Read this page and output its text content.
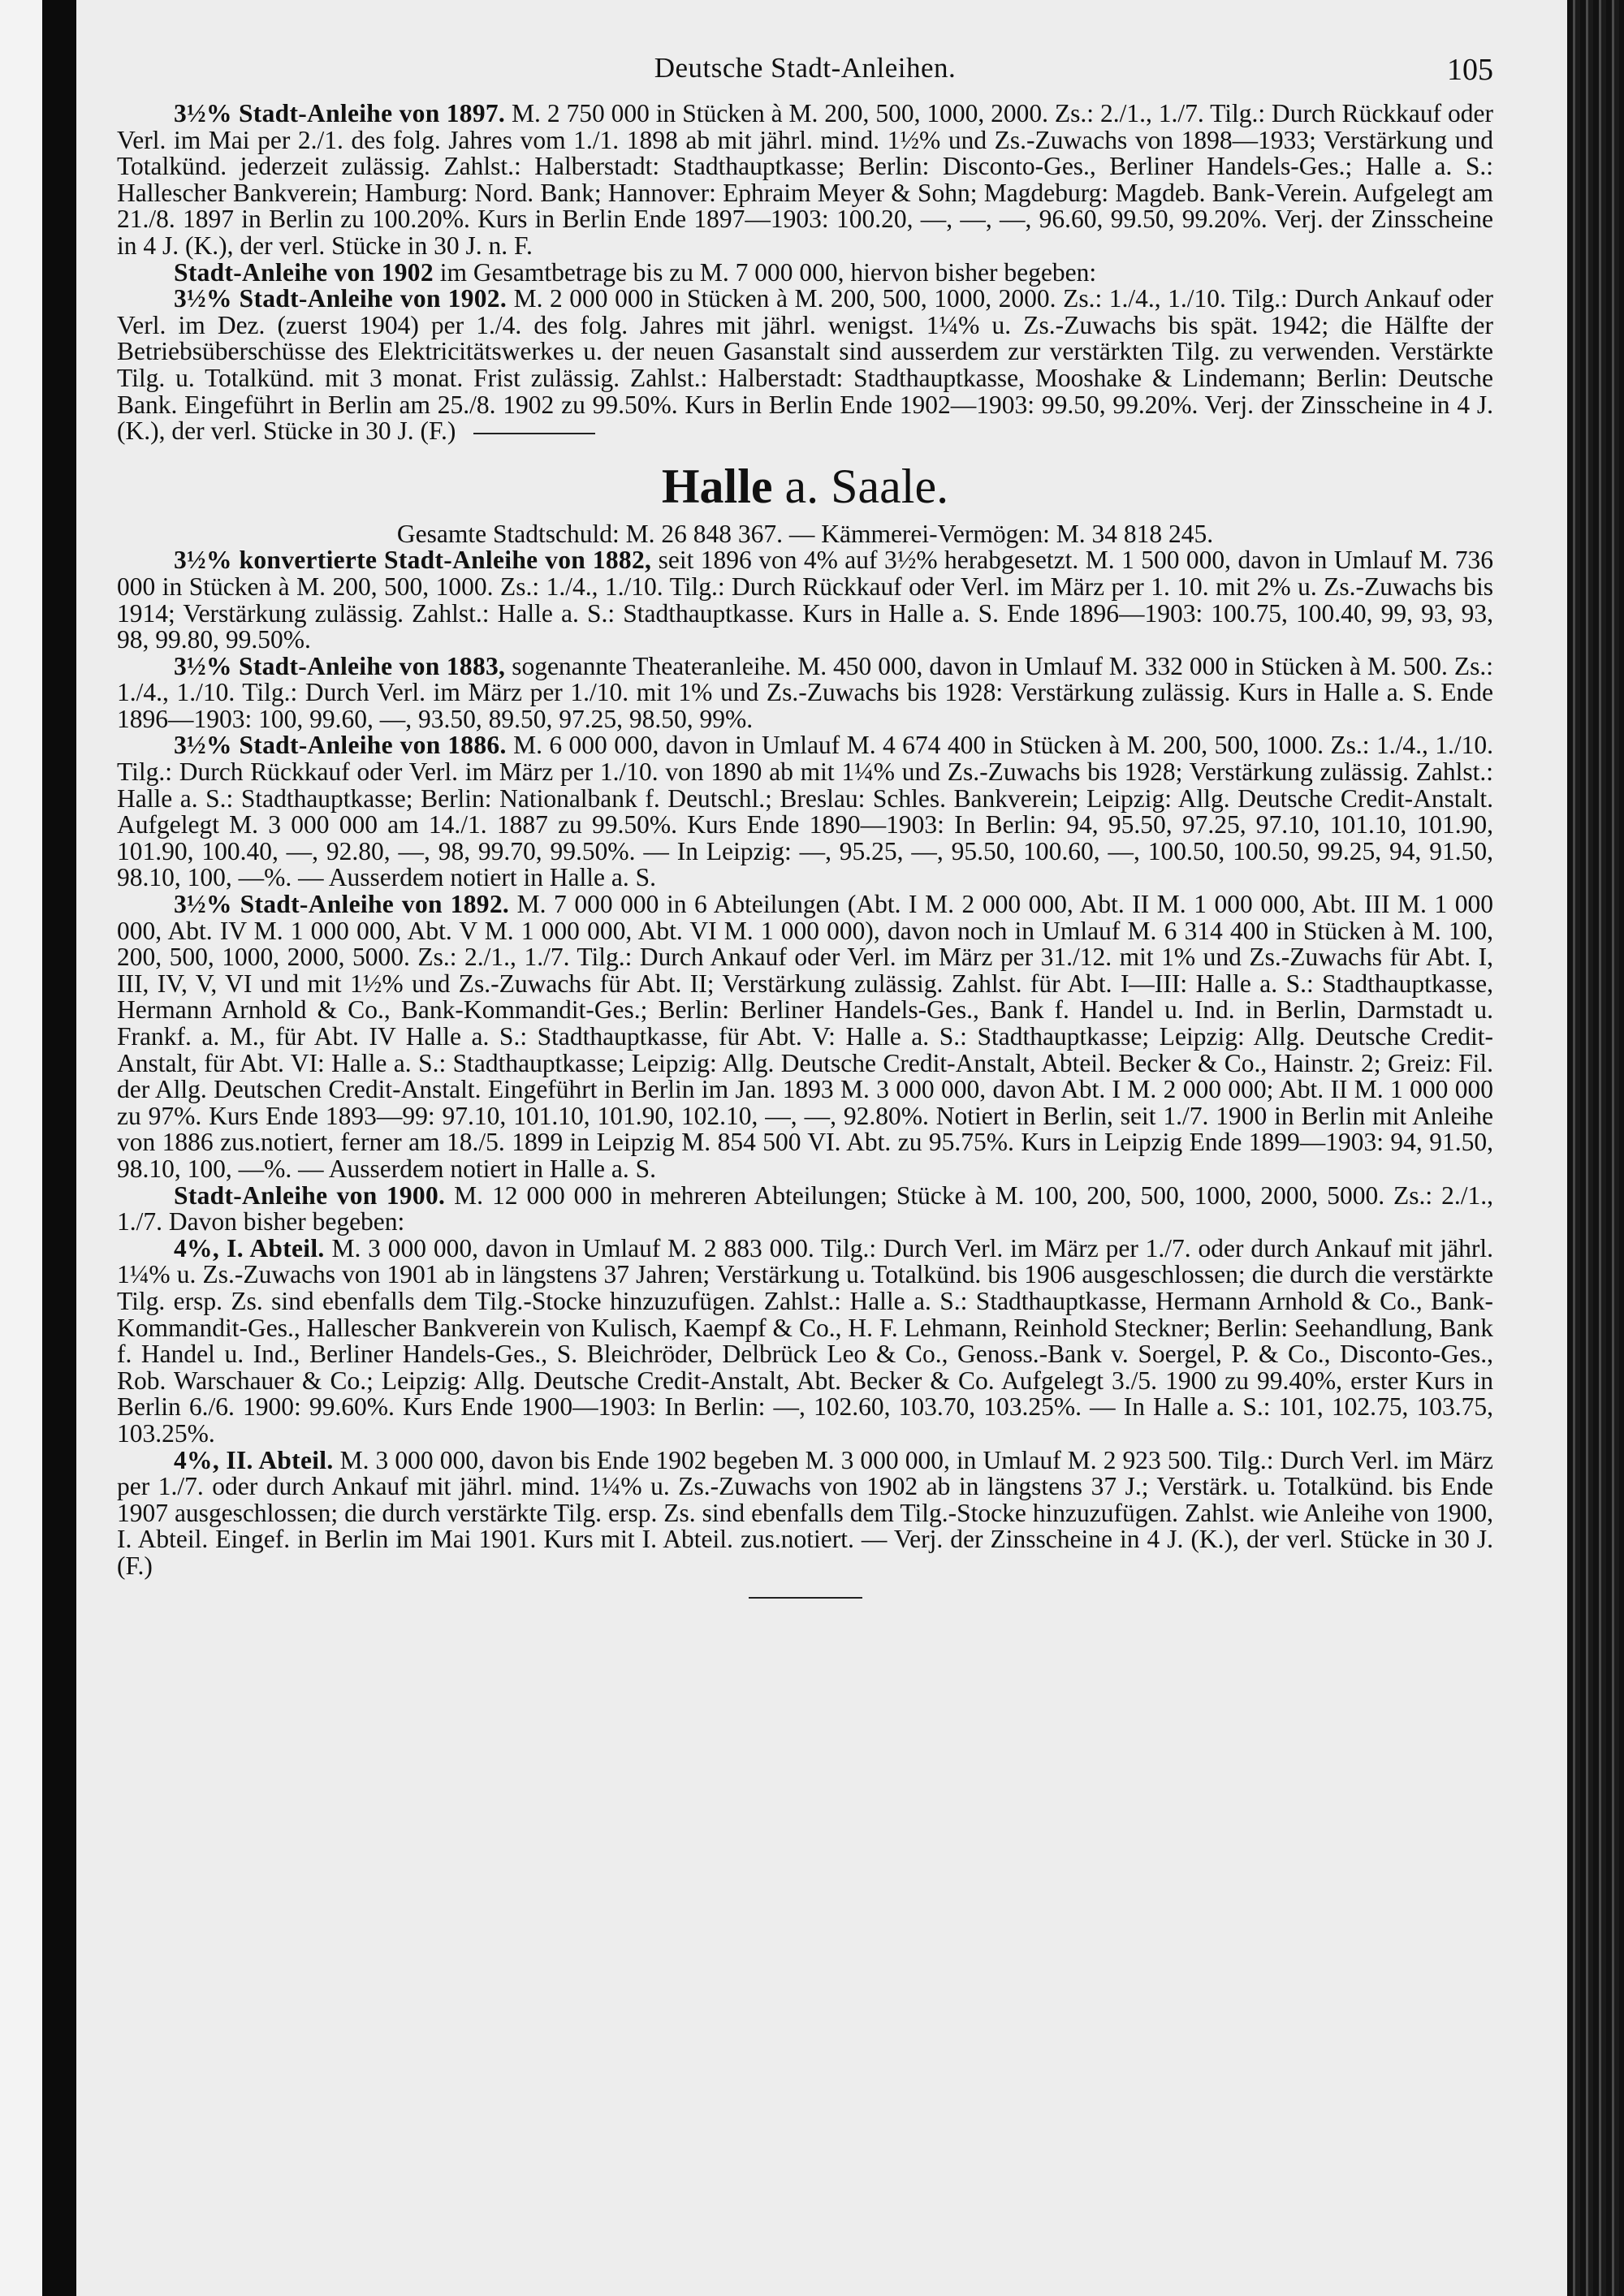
Deutsche Stadt-Anleihen.	105

3½% Stadt-Anleihe von 1897. M. 2 750 000 in Stücken à M. 200, 500, 1000, 2000. Zs.: 2./1., 1./7. Tilg.: Durch Rückkauf oder Verl. im Mai per 2./1. des folg. Jahres vom 1./1. 1898 ab mit jährl. mind. 1½% und Zs.-Zuwachs von 1898—1933; Verstärkung und Totalkünd. jederzeit zulässig. Zahlst.: Halberstadt: Stadthauptkasse; Berlin: Disconto-Ges., Berliner Handels-Ges.; Halle a. S.: Hallescher Bankverein; Hamburg: Nord. Bank; Hannover: Ephraim Meyer & Sohn; Magdeburg: Magdeb. Bank-Verein. Aufgelegt am 21./8. 1897 in Berlin zu 100.20%. Kurs in Berlin Ende 1897—1903: 100.20, —, —, —, 96.60, 99.50, 99.20%. Verj. der Zinsscheine in 4 J. (K.), der verl. Stücke in 30 J. n. F.

Stadt-Anleihe von 1902 im Gesamtbetrage bis zu M. 7 000 000, hiervon bisher begeben:

3½% Stadt-Anleihe von 1902. M. 2 000 000 in Stücken à M. 200, 500, 1000, 2000. Zs.: 1./4., 1./10. Tilg.: Durch Ankauf oder Verl. im Dez. (zuerst 1904) per 1./4. des folg. Jahres mit jährl. wenigst. 1¼% u. Zs.-Zuwachs bis spät. 1942; die Hälfte der Betriebsüberschüsse des Elektricitätswerkes u. der neuen Gasanstalt sind ausserdem zur verstärkten Tilg. zu verwenden. Verstärkte Tilg. u. Totalkünd. mit 3 monat. Frist zulässig. Zahlst.: Halberstadt: Stadthauptkasse, Mooshake & Lindemann; Berlin: Deutsche Bank. Eingeführt in Berlin am 25./8. 1902 zu 99.50%. Kurs in Berlin Ende 1902—1903: 99.50, 99.20%. Verj. der Zinsscheine in 4 J. (K.), der verl. Stücke in 30 J. (F.)

Halle a. Saale.

Gesamte Stadtschuld: M. 26 848 367. — Kämmerei-Vermögen: M. 34 818 245.

3½% konvertierte Stadt-Anleihe von 1882, seit 1896 von 4% auf 3½% herabgesetzt. M. 1 500 000, davon in Umlauf M. 736 000 in Stücken à M. 200, 500, 1000. Zs.: 1./4., 1./10. Tilg.: Durch Rückkauf oder Verl. im März per 1. 10. mit 2% u. Zs.-Zuwachs bis 1914; Verstärkung zulässig. Zahlst.: Halle a. S.: Stadthauptkasse. Kurs in Halle a. S. Ende 1896—1903: 100.75, 100.40, 99, 93, 93, 98, 99.80, 99.50%.

3½% Stadt-Anleihe von 1883, sogenannte Theateranleihe. M. 450 000, davon in Umlauf M. 332 000 in Stücken à M. 500. Zs.: 1./4., 1./10. Tilg.: Durch Verl. im März per 1./10. mit 1% und Zs.-Zuwachs bis 1928: Verstärkung zulässig. Kurs in Halle a. S. Ende 1896—1903: 100, 99.60, —, 93.50, 89.50, 97.25, 98.50, 99%.

3½% Stadt-Anleihe von 1886. M. 6 000 000, davon in Umlauf M. 4 674 400 in Stücken à M. 200, 500, 1000. Zs.: 1./4., 1./10. Tilg.: Durch Rückkauf oder Verl. im März per 1./10. von 1890 ab mit 1¼% und Zs.-Zuwachs bis 1928; Verstärkung zulässig. Zahlst.: Halle a. S.: Stadthauptkasse; Berlin: Nationalbank f. Deutschl.; Breslau: Schles. Bankverein; Leipzig: Allg. Deutsche Credit-Anstalt. Aufgelegt M. 3 000 000 am 14./1. 1887 zu 99.50%. Kurs Ende 1890—1903: In Berlin: 94, 95.50, 97.25, 97.10, 101.10, 101.90, 101.90, 100.40, —, 92.80, —, 98, 99.70, 99.50%. — In Leipzig: —, 95.25, —, 95.50, 100.60, —, 100.50, 100.50, 99.25, 94, 91.50, 98.10, 100, —%. — Ausserdem notiert in Halle a. S.

3½% Stadt-Anleihe von 1892. M. 7 000 000 in 6 Abteilungen (Abt. I M. 2 000 000, Abt. II M. 1 000 000, Abt. III M. 1 000 000, Abt. IV M. 1 000 000, Abt. V M. 1 000 000, Abt. VI M. 1 000 000), davon noch in Umlauf M. 6 314 400 in Stücken à M. 100, 200, 500, 1000, 2000, 5000. Zs.: 2./1., 1./7. Tilg.: Durch Ankauf oder Verl. im März per 31./12. mit 1% und Zs.-Zuwachs für Abt. I, III, IV, V, VI und mit 1½% und Zs.-Zuwachs für Abt. II; Verstärkung zulässig. Zahlst. für Abt. I—III: Halle a. S.: Stadthauptkasse, Hermann Arnhold & Co., Bank-Kommandit-Ges.; Berlin: Berliner Handels-Ges., Bank f. Handel u. Ind. in Berlin, Darmstadt u. Frankf. a. M., für Abt. IV Halle a. S.: Stadthauptkasse, für Abt. V: Halle a. S.: Stadthauptkasse; Leipzig: Allg. Deutsche Credit-Anstalt, für Abt. VI: Halle a. S.: Stadthauptkasse; Leipzig: Allg. Deutsche Credit-Anstalt, Abteil. Becker & Co., Hainstr. 2; Greiz: Fil. der Allg. Deutschen Credit-Anstalt. Eingeführt in Berlin im Jan. 1893 M. 3 000 000, davon Abt. I M. 2 000 000; Abt. II M. 1 000 000 zu 97%. Kurs Ende 1893—99: 97.10, 101.10, 101.90, 102.10, —, —, 92.80%. Notiert in Berlin, seit 1./7. 1900 in Berlin mit Anleihe von 1886 zus.notiert, ferner am 18./5. 1899 in Leipzig M. 854 500 VI. Abt. zu 95.75%. Kurs in Leipzig Ende 1899—1903: 94, 91.50, 98.10, 100, —%. — Ausserdem notiert in Halle a. S.

Stadt-Anleihe von 1900. M. 12 000 000 in mehreren Abteilungen; Stücke à M. 100, 200, 500, 1000, 2000, 5000. Zs.: 2./1., 1./7. Davon bisher begeben:

4%, I. Abteil. M. 3 000 000, davon in Umlauf M. 2 883 000. Tilg.: Durch Verl. im März per 1./7. oder durch Ankauf mit jährl. 1¼% u. Zs.-Zuwachs von 1901 ab in längstens 37 Jahren; Verstärkung u. Totalkünd. bis 1906 ausgeschlossen; die durch die verstärkte Tilg. ersp. Zs. sind ebenfalls dem Tilg.-Stocke hinzuzufügen. Zahlst.: Halle a. S.: Stadthauptkasse, Hermann Arnhold & Co., Bank-Kommandit-Ges., Hallescher Bankverein von Kulisch, Kaempf & Co., H. F. Lehmann, Reinhold Steckner; Berlin: Seehandlung, Bank f. Handel u. Ind., Berliner Handels-Ges., S. Bleichröder, Delbrück Leo & Co., Genoss.-Bank v. Soergel, P. & Co., Disconto-Ges., Rob. Warschauer & Co.; Leipzig: Allg. Deutsche Credit-Anstalt, Abt. Becker & Co. Aufgelegt 3./5. 1900 zu 99.40%, erster Kurs in Berlin 6./6. 1900: 99.60%. Kurs Ende 1900—1903: In Berlin: —, 102.60, 103.70, 103.25%. — In Halle a. S.: 101, 102.75, 103.75, 103.25%.

4%, II. Abteil. M. 3 000 000, davon bis Ende 1902 begeben M. 3 000 000, in Umlauf M. 2 923 500. Tilg.: Durch Verl. im März per 1./7. oder durch Ankauf mit jährl. mind. 1¼% u. Zs.-Zuwachs von 1902 ab in längstens 37 J.; Verstärk. u. Totalkünd. bis Ende 1907 ausgeschlossen; die durch verstärkte Tilg. ersp. Zs. sind ebenfalls dem Tilg.-Stocke hinzuzufügen. Zahlst. wie Anleihe von 1900, I. Abteil. Eingef. in Berlin im Mai 1901. Kurs mit I. Abteil. zus.notiert. — Verj. der Zinsscheine in 4 J. (K.), der verl. Stücke in 30 J. (F.)
